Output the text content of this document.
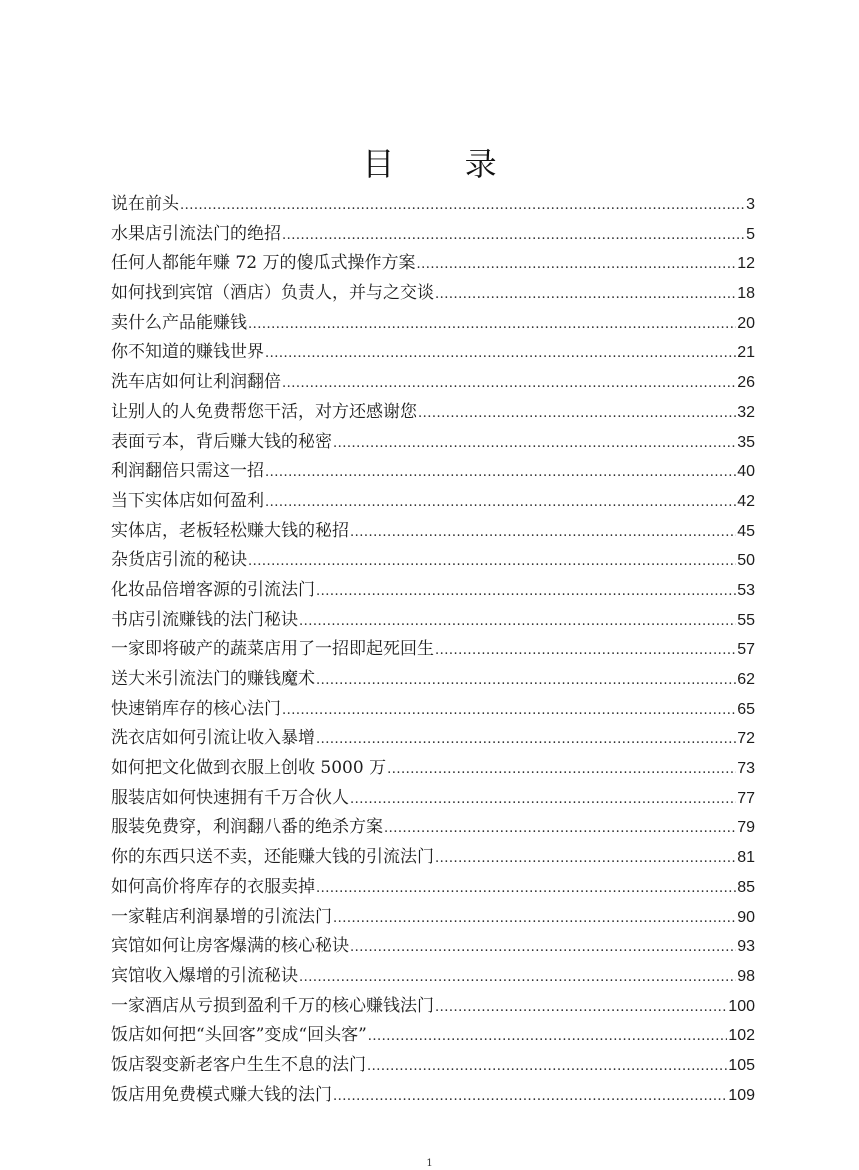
目 录
说在前头 .....	3
水果店引流法门的绝招 .....	5
任何人都能年赚 72 万的傻瓜式操作方案 .....	12
如何找到宾馆（酒店）负责人，并与之交谈 .....	18
卖什么产品能赚钱 .....	20
你不知道的赚钱世界 .....	21
洗车店如何让利润翻倍 .....	26
让别人的人免费帮您干活，对方还感谢您 .....	32
表面亏本，背后赚大钱的秘密 .....	35
利润翻倍只需这一招 .....	40
当下实体店如何盈利 .....	42
实体店，老板轻松赚大钱的秘招 .....	45
杂货店引流的秘诀 .....	50
化妆品倍增客源的引流法门 .....	53
书店引流赚钱的法门秘诀 .....	55
一家即将破产的蔬菜店用了一招即起死回生 .....	57
送大米引流法门的赚钱魔术 .....	62
快速销库存的核心法门 .....	65
洗衣店如何引流让收入暴增 .....	72
如何把文化做到衣服上创收 5000 万 .....	73
服装店如何快速拥有千万合伙人 .....	77
服装免费穿，利润翻八番的绝杀方案 .....	79
你的东西只送不卖，还能赚大钱的引流法门 .....	81
如何高价将库存的衣服卖掉 .....	85
一家鞋店利润暴增的引流法门 .....	90
宾馆如何让房客爆满的核心秘诀 .....	93
宾馆收入爆增的引流秘诀 .....	98
一家酒店从亏损到盈利千万的核心赚钱法门 .....	100
饭店如何把“头回客”变成“回头客” .....	102
饭店裂变新老客户生生不息的法门 .....	105
饭店用免费模式赚大钱的法门 .....	109
1
